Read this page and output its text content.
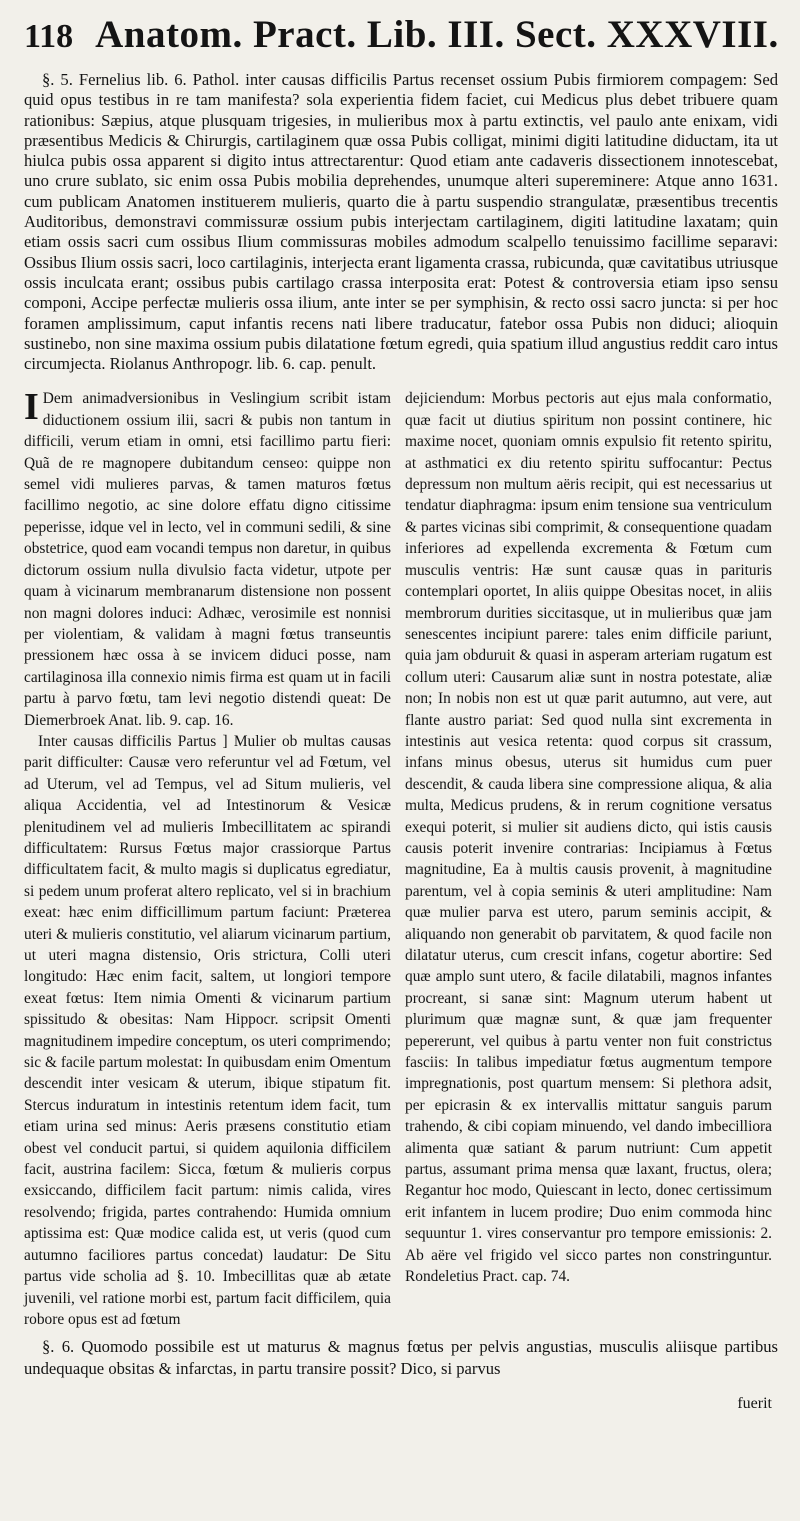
118 Anatom. Pract. Lib. III. Sect. XXXVIII.

§. 5. Fernelius lib. 6. Pathol. inter causas difficilis Partus recenset ossium Pubis firmiorem compagem: Sed quid opus testibus in re tam manifesta? sola experientia fidem faciet, cui Medicus plus debet tribuere quam rationibus: Sæpius, atque plusquam trigesies, in mulieribus mox à partu extinctis, vel paulo ante enixam, vidi præsentibus Medicis & Chirurgis, cartilaginem quæ ossa Pubis colligat, minimi digiti latitudine diductam, ita ut hiulca pubis ossa apparent si digito intus attrectarentur: Quod etiam ante cadaveris dissectionem innotescebat, uno crure sublato, sic enim ossa Pubis mobilia deprehendes, unumque alteri supereminere: Atque anno 1631. cum publicam Anatomen instituerem mulieris, quarto die à partu suspendio strangulatæ, præsentibus trecentis Auditoribus, demonstravi commissuræ ossium pubis interjectam cartilaginem, digiti latitudine laxatam; quin etiam ossis sacri cum ossibus Ilium commissuras mobiles admodum scalpello tenuissimo facillime separavi: Ossibus Ilium ossis sacri, loco cartilaginis, interjecta erant ligamenta crassa, rubicunda, quæ cavitatibus utriusque ossis inculcata erant; ossibus pubis cartilago crassa interposita erat: Potest & controversia etiam ipso sensu componi, Accipe perfectæ mulieris ossa ilium, ante inter se per symphisin, & recto ossi sacro juncta: si per hoc foramen amplissimum, caput infantis recens nati libere traducatur, fatebor ossa Pubis non diduci; alioquin sustinebo, non sine maxima ossium pubis dilatatione fœtum egredi, quia spatium illud angustius reddit caro intus circumjecta. Riolanus Anthropogr. lib. 6. cap. penult.

I Dem animadversionibus in Veslingium scribit istam diductionem ossium ilii, sacri & pubis non tantum in difficili, verum etiam in omni, etsi facillimo partu fieri: Quã de re magnopere dubitandum censeo: quippe non semel vidi mulieres parvas, & tamen maturos fœtus facillimo negotio, ac sine dolore effatu digno citissime peperisse, idque vel in lecto, vel in communi sedili, & sine obstetrice, quod eam vocandi tempus non daretur, in quibus dictorum ossium nulla divulsio facta videtur, utpote per quam à vicinarum membranarum distensione non possent non magni dolores induci: Adhæc, verosimile est nonnisi per violentiam, & validam à magni fœtus transeuntis pressionem hæc ossa à se invicem diduci posse, nam cartilaginosa illa connexio nimis firma est quam ut in facili partu à parvo fœtu, tam levi negotio distendi queat: De Diemerbroek Anat. lib. 9. cap. 16.

Inter causas difficilis Partus ] Mulier ob multas causas parit difficulter: Causæ vero referuntur vel ad Fœtum, vel ad Uterum, vel ad Tempus, vel ad Situm mulieris, vel aliqua Accidentia, vel ad Intestinorum & Vesicæ plenitudinem vel ad mulieris Imbecillitatem ac spirandi difficultatem: Rursus Fœtus major crassiorque Partus difficultatem facit, & multo magis si duplicatus egrediatur, si pedem unum proferat altero replicato, vel si in brachium exeat: hæc enim difficillimum partum faciunt: Præterea uteri & mulieris constitutio, vel aliarum vicinarum partium, ut uteri magna distensio, Oris strictura, Colli uteri longitudo: Hæc enim facit, saltem, ut longiori tempore exeat fœtus: Item nimia Omenti & vicinarum partium spissitudo & obesitas: Nam Hippocr. scripsit Omenti magnitudinem impedire conceptum, os uteri comprimendo; sic & facile partum molestat: In quibusdam enim Omentum descendit inter vesicam & uterum, ibique stipatum fit. Stercus induratum in intestinis retentum idem facit, tum etiam urina sed minus: Aeris præsens constitutio etiam obest vel conducit partui, si quidem aquilonia difficilem facit, austrina facilem: Sicca, fœtum & mulieris corpus exsiccando, difficilem facit partum: nimis calida, vires resolvendo; frigida, partes contrahendo: Humida omnium aptissima est: Quæ modice calida est, ut veris (quod cum autumno faciliores partus concedat) laudatur: De Situ partus vide scholia ad §. 10. Imbecillitas quæ ab ætate juvenili, vel ratione morbi est, partum facit difficilem, quia robore opus est ad fœtum

dejiciendum: Morbus pectoris aut ejus mala conformatio, quæ facit ut diutius spiritum non possint continere, hic maxime nocet, quoniam omnis expulsio fit retento spiritu, at asthmatici ex diu retento spiritu suffocantur: Pectus depressum non multum aëris recipit, qui est necessarius ut tendatur diaphragma: ipsum enim tensione sua ventriculum & partes vicinas sibi comprimit, & consequentione quadam inferiores ad expellenda excrementa & Fœtum cum musculis ventris: Hæ sunt causæ quas in parituris contemplari oportet, In aliis quippe Obesitas nocet, in aliis membrorum durities siccitasque, ut in mulieribus quæ jam senescentes incipiunt parere: tales enim difficile pariunt, quia jam obduruit & quasi in asperam arteriam rugatum est collum uteri: Causarum aliæ sunt in nostra potestate, aliæ non; In nobis non est ut quæ parit autumno, aut vere, aut flante austro pariat: Sed quod nulla sint excrementa in intestinis aut vesica retenta: quod corpus sit crassum, infans minus obesus, uterus sit humidus cum puer descendit, & cauda libera sine compressione aliqua, & alia multa, Medicus prudens, & in rerum cognitione versatus exequi poterit, si mulier sit audiens dicto, qui istis causis causis poterit invenire contrarias: Incipiamus à Fœtus magnitudine, Ea à multis causis provenit, à magnitudine parentum, vel à copia seminis & uteri amplitudine: Nam quæ mulier parva est utero, parum seminis accipit, & aliquando non generabit ob parvitatem, & quod facile non dilatatur uterus, cum crescit infans, cogetur abortire: Sed quæ amplo sunt utero, & facile dilatabili, magnos infantes procreant, si sanæ sint: Magnum uterum habent ut plurimum quæ magnæ sunt, & quæ jam frequenter pepererunt, vel quibus à partu venter non fuit constrictus fasciis: In talibus impediatur fœtus augmentum tempore impregnationis, post quartum mensem: Si plethora adsit, per epicrasin & ex intervallis mittatur sanguis parum trahendo, & cibi copiam minuendo, vel dando imbecilliora alimenta quæ satiant & parum nutriunt: Cum appetit partus, assumant prima mensa quæ laxant, fructus, olera; Regantur hoc modo, Quiescant in lecto, donec certissimum erit infantem in lucem prodire; Duo enim commoda hinc sequuntur 1. vires conservantur pro tempore emissionis: 2. Ab aëre vel frigido vel sicco partes non constringuntur. Rondeletius Pract. cap. 74.

§. 6. Quomodo possibile est ut maturus & magnus fœtus per pelvis angustias, musculis aliisque partibus undequaque obsitas & infarctas, in partu transire possit? Dico, si parvus

fuerit
